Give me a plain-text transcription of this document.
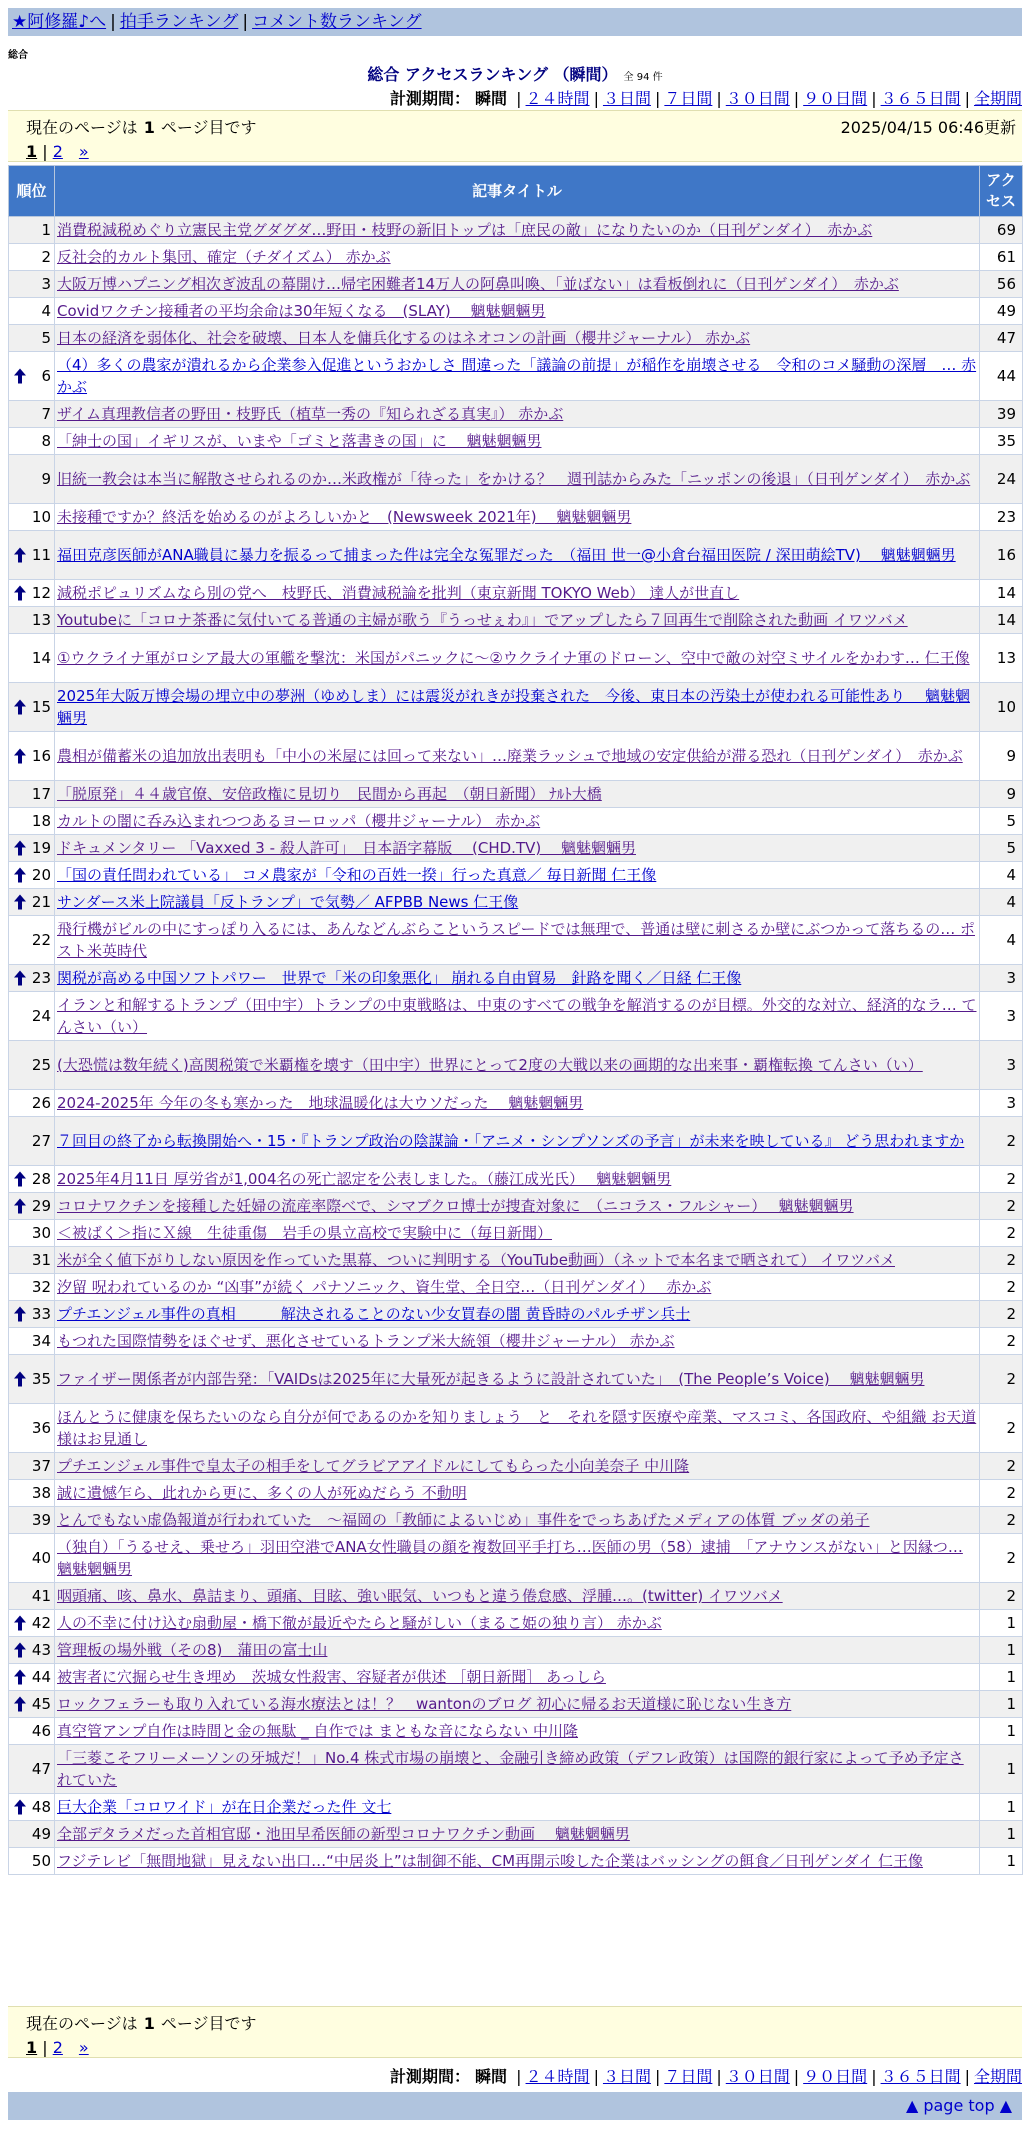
★阿修羅♪へ | 拍手ランキング | コメント数ランキング
総合
総合 アクセスランキング （瞬間） 全 94 件
計測期間： 瞬間 | ２４時間 | ３日間 | ７日間 | ３０日間 | ９０日間 | ３６５日間 | 全期間
現在のページは 1 ページ目です	2025/04/15 06:46更新
1 | 2　 »
順位	記事タイトル	アクセス
1	消費税減税めぐり立憲民主党グダグダ…野田・枝野の新旧トップは「庶民の敵」になりたいのか（日刊ゲンダイ）　赤かぶ	69
2	反社会的カルト集団、確定（チダイズム） 赤かぶ	61
3	大阪万博ハプニング相次ぎ波乱の幕開け…帰宅困難者14万人の阿鼻叫喚、「並ばない」は看板倒れに（日刊ゲンダイ）　赤かぶ	56
4	Covidワクチン接種者の平均余命は30年短くなる　(SLAY)　 魑魅魍魎男	49
5	日本の経済を弱体化、社会を破壊、日本人を傭兵化するのはネオコンの計画（櫻井ジャーナル） 赤かぶ	47

6	（4）多くの農家が潰れるから企業参入促進というおかしさ 間違った「議論の前提」が稲作を崩壊させる　令和のコメ騒動の深層　… 赤かぶ	44
7	ザイム真理教信者の野田・枝野氏（植草一秀の『知られざる真実』） 赤かぶ	39
8	「紳士の国」イギリスが、いまや「ゴミと落書きの国」に　 魑魅魍魎男	35
9	旧統一教会は本当に解散させられるのか…米政権が「待った」をかける？　週刊誌からみた「ニッポンの後退」（日刊ゲンダイ）　赤かぶ	24
10	未接種ですか？終活を始めるのがよろしいかと　(Newsweek 2021年)　 魑魅魍魎男	23

11	福田克彦医師がANA職員に暴力を振るって捕まった件は完全な冤罪だった　（福田 世一@小倉台福田医院 / 深田萌絵TV)　 魑魅魍魎男	16

12	減税ポピュリズムなら別の党へ　枝野氏、消費減税論を批判（東京新聞 TOKYO Web） 達人が世直し	14
13	Youtubeに「コロナ茶番に気付いてる普通の主婦が歌う『うっせぇわ』」でアップしたら７回再生で削除された動画 イワツバメ	14
14	①ウクライナ軍がロシア最大の軍艦を撃沈：米国がパニックに～②ウクライナ軍のドローン、空中で敵の対空ミサイルをかわす… 仁王像	13

15	2025年大阪万博会場の埋立中の夢洲（ゆめしま）には震災がれきが投棄された　今後、東日本の汚染土が使われる可能性あり　 魑魅魍魎男	10

16	農相が備蓄米の追加放出表明も「中小の米屋には回って来ない」…廃業ラッシュで地域の安定供給が滞る恐れ（日刊ゲンダイ）　赤かぶ	9
17	「脱原発」４４歳官僚、安倍政権に見切り　民間から再起　（朝日新聞） ﾅﾙﾄ大橋	9
18	カルトの闇に呑み込まれつつあるヨーロッパ（櫻井ジャーナル） 赤かぶ	5

19	ドキュメンタリー 「Vaxxed 3 - 殺人許可」　日本語字幕版　 (CHD.TV)　 魑魅魍魎男	5

20	「国の責任問われている」 コメ農家が「令和の百姓一揆」行った真意／ 毎日新聞 仁王像	4

21	サンダース米上院議員「反トランプ」で気勢／ AFPBB News 仁王像	4
22	飛行機がビルの中にすっぽり入るには、あんなどんぶらこというスピードでは無理で、普通は壁に刺さるか壁にぶつかって落ちるの… ポスト米英時代	4

23	関税が高める中国ソフトパワー　世界で「米の印象悪化」 崩れる自由貿易　針路を聞く／日経 仁王像	3
24	イランと和解するトランプ（田中宇）トランプの中東戦略は、中東のすべての戦争を解消するのが目標。外交的な対立、経済的なラ… てんさい（い）	3
25	(大恐慌は数年続く)高関税策で米覇権を壊す（田中宇）世界にとって2度の大戦以来の画期的な出来事・覇権転換 てんさい（い）	3
26	2024-2025年 今年の冬も寒かった　地球温暖化は大ウソだった　 魑魅魍魎男	3
27	７回目の終了から転換開始へ・15・『トランプ政治の陰謀論・「アニメ・シンプソンズの予言」が未来を映している』 どう思われますか	2

28	2025年4月11日 厚労省が1,004名の死亡認定を公表しました。（藤江成光氏）　 魑魅魍魎男	2

29	コロナワクチンを接種した妊婦の流産率際べで、シマブクロ博士が捜査対象に　（ニコラス・フルシャー）　 魑魅魍魎男	2
30	＜被ばく＞指にＸ線　生徒重傷　岩手の県立高校で実験中に（毎日新聞）	2
31	米が全く値下がりしない原因を作っていた黒幕、ついに判明する（YouTube動画）（ネットで本名まで晒されて） イワツバメ	2
32	汐留 呪われているのか “凶事”が続く パナソニック、資生堂、全日空…（日刊ゲンダイ）　 赤かぶ	2

33	プチエンジェル事件の真相　　　解決されることのない少女買春の闇 黄昏時のパルチザン兵士	2
34	もつれた国際情勢をほぐせず、悪化させているトランプ米大統領（櫻井ジャーナル） 赤かぶ	2

35	ファイザー関係者が内部告発：「VAIDsは2025年に大量死が起きるように設計されていた」　(The People’s Voice)　 魑魅魍魎男	2
36	ほんとうに健康を保ちたいのなら自分が何であるのかを知りましょう　と　それを隠す医療や産業、マスコミ、各国政府、や組織 お天道様はお見通し	2
37	プチエンジェル事件で皇太子の相手をしてグラビアアイドルにしてもらった小向美奈子 中川隆	2
38	誠に遺憾乍ら、此れから更に、多くの人が死ぬだらう 不動明	2
39	とんでもない虚偽報道が行われていた　～福岡の「教師によるいじめ」事件をでっちあげたメディアの体質 ブッダの弟子	2
40	（独自）「うるせえ、乗せろ」羽田空港でANA女性職員の顔を複数回平手打ち…医師の男（58）逮捕　「アナウンスがない」と因縁つ… 魑魅魍魎男	2
41	咽頭痛、咳、鼻水、鼻詰まり、頭痛、目眩、強い眠気、いつもと違う倦怠感、浮腫…。(twitter) イワツバメ	2

42	人の不幸に付け込む扇動屋・橋下徹が最近やたらと騒がしい（まるこ姫の独り言） 赤かぶ	1

43	管理板の場外戦（その8)　蒲田の富士山	1

44	被害者に穴掘らせ生き埋め　茨城女性殺害、容疑者が供述 ［朝日新聞］ あっしら	1

45	ロックフェラーも取り入れている海水療法とは！？　wantonのブログ 初心に帰るお天道様に恥じない生き方	1
46	真空管アンプ自作は時間と金の無駄 _ 自作では まともな音にならない 中川隆	1
47	「三菱こそフリーメーソンの牙城だ！」No.4 株式市場の崩壊と、金融引き締め政策（デフレ政策）は国際的銀行家によって予め予定されていた	1

48	巨大企業「コロワイド」が在日企業だった件 文七	1
49	全部デタラメだった首相官邸・池田早希医師の新型コロナワクチン動画　 魑魅魍魎男	1
50	フジテレビ「無間地獄」見えない出口…“中居炎上”は制御不能、CM再開示唆した企業はバッシングの餌食／日刊ゲンダイ 仁王像	1
現在のページは 1 ページ目です
1 | 2　 »
計測期間： 瞬間 | ２４時間 | ３日間 | ７日間 | ３０日間 | ９０日間 | ３６５日間 | 全期間
▲ page top ▲
